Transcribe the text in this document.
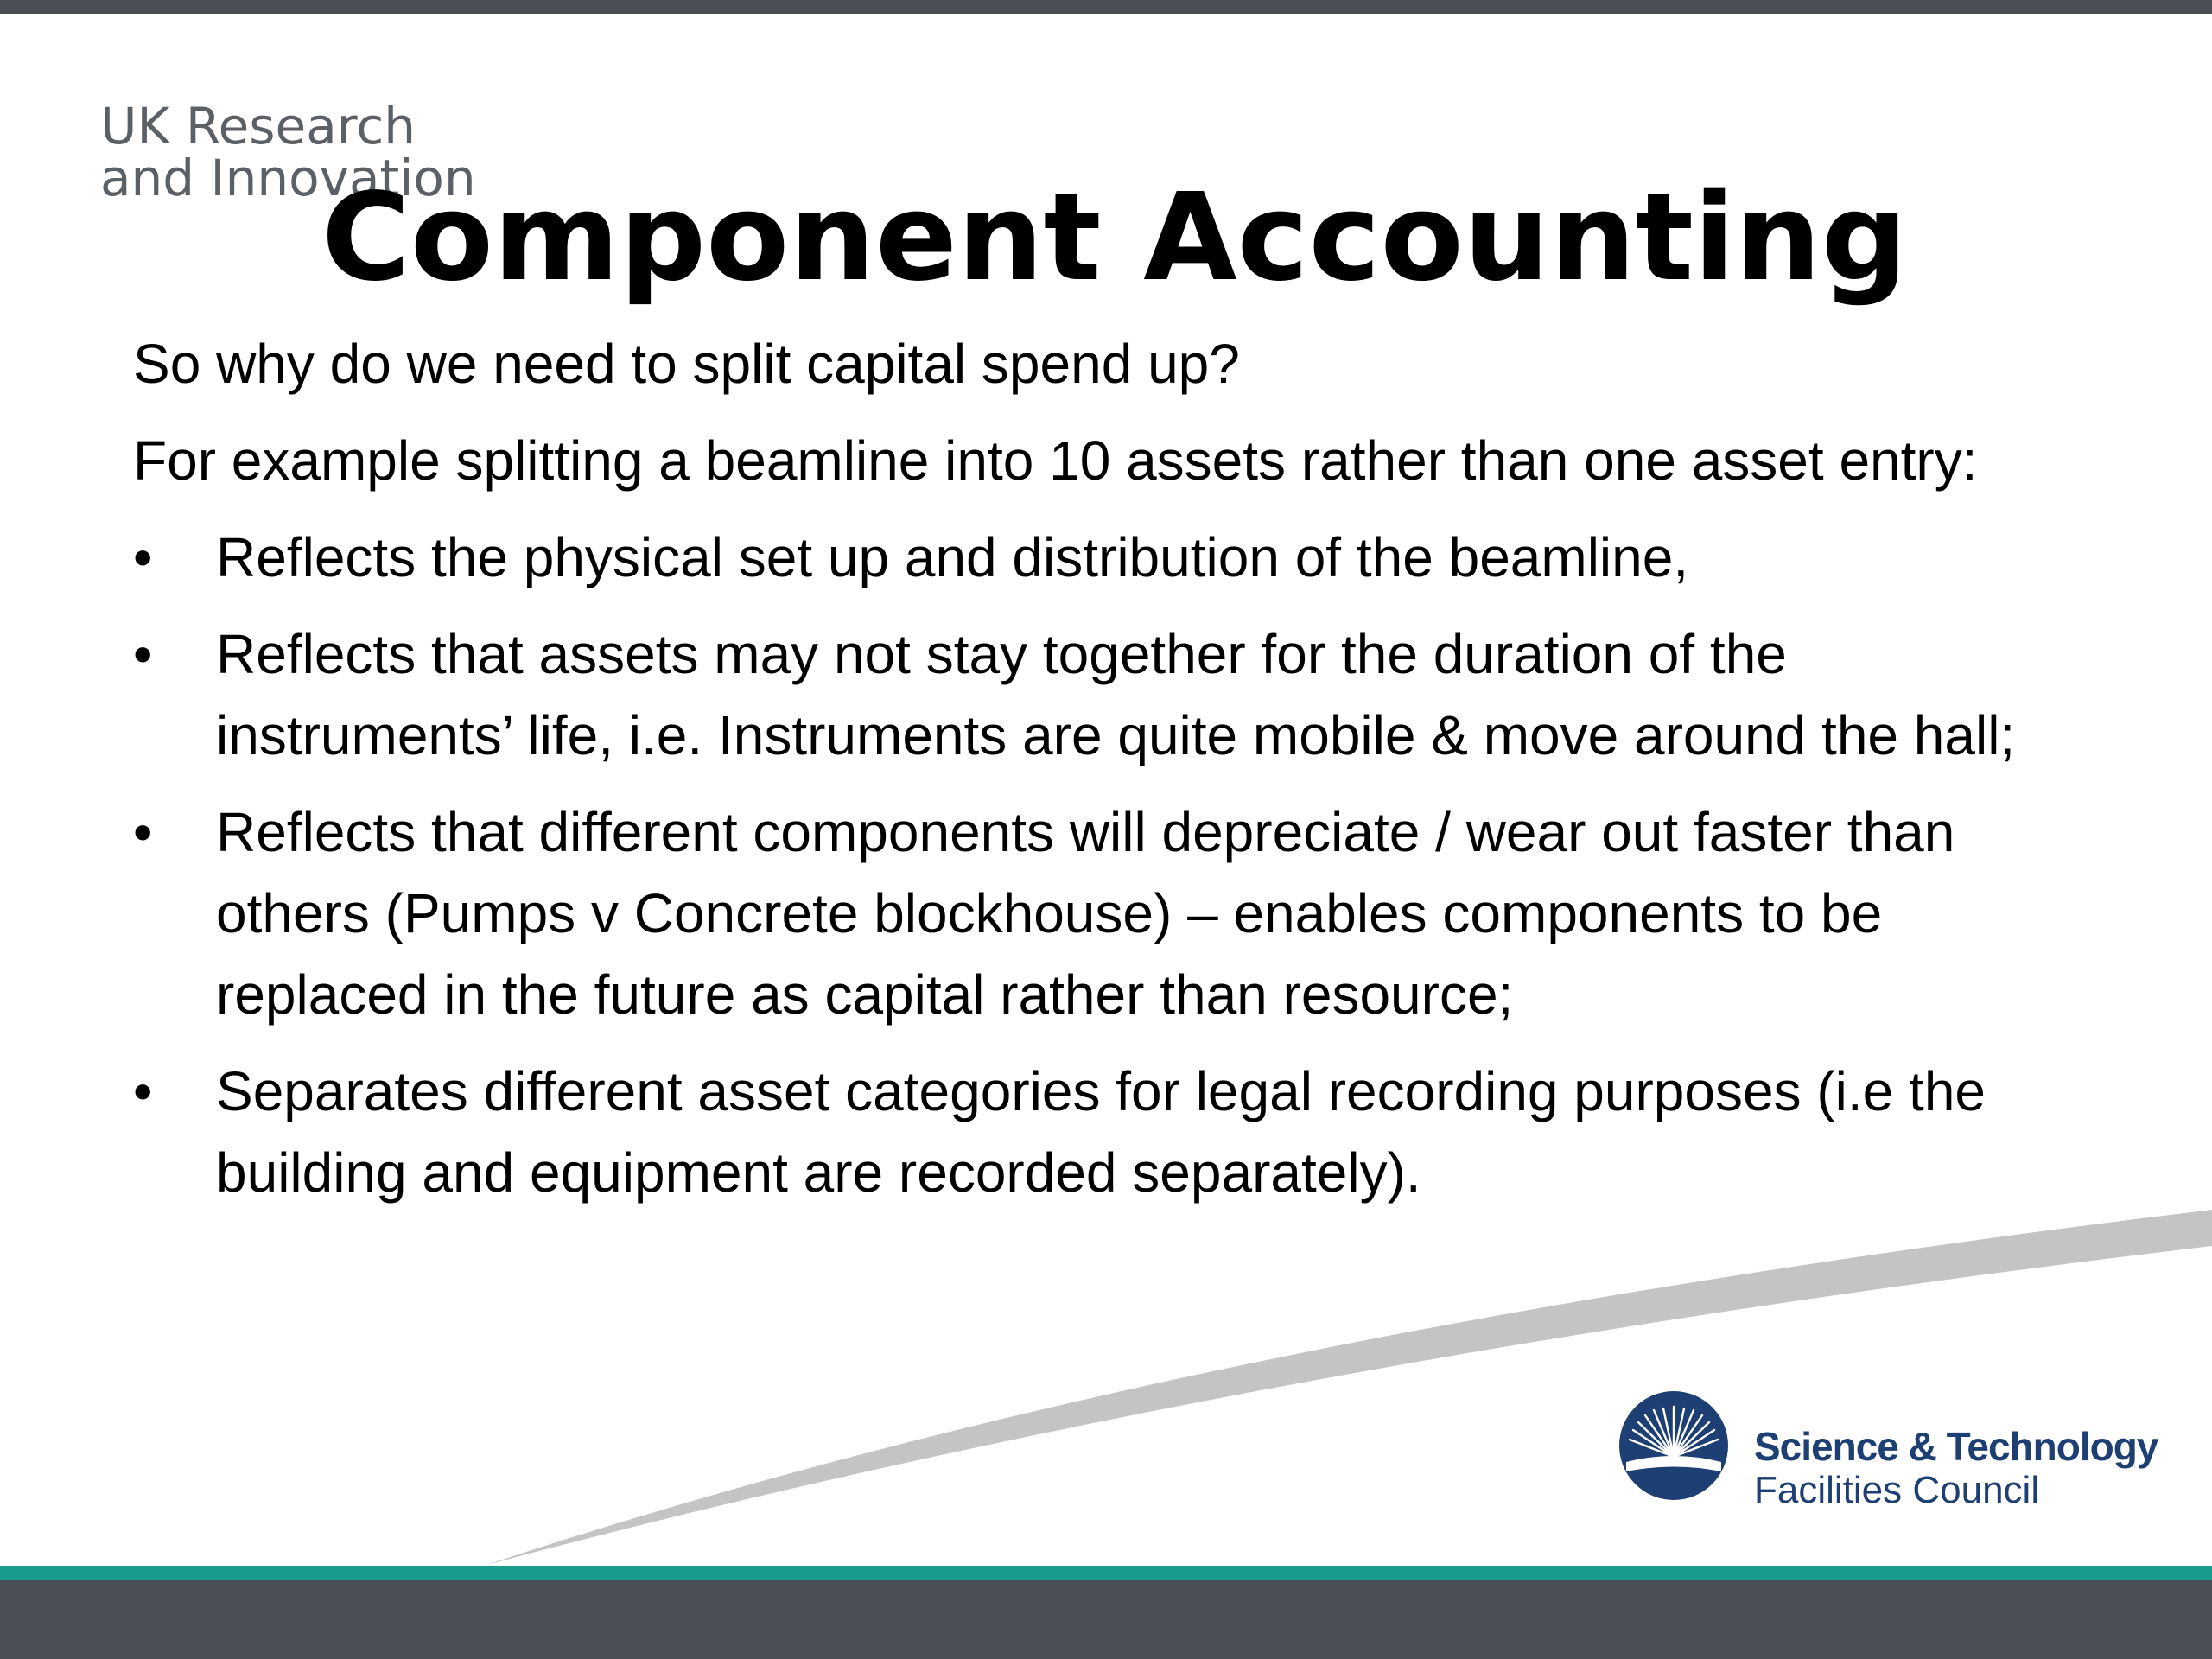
UK Research
and Innovation
Component Accounting

So why do we need to split capital spend up?

For example splitting a beamline into 10 assets rather than one asset entry:

• Reflects the physical set up and distribution of the beamline,
• Reflects that assets may not stay together for the duration of the instruments’ life, i.e. Instruments are quite mobile & move around the hall;
• Reflects that different components will depreciate / wear out faster than others (Pumps v Concrete blockhouse) – enables components to be replaced in the future as capital rather than resource;
• Separates different asset categories for legal recording purposes (i.e the building and equipment are recorded separately).
Science & Technology
Facilities Council
